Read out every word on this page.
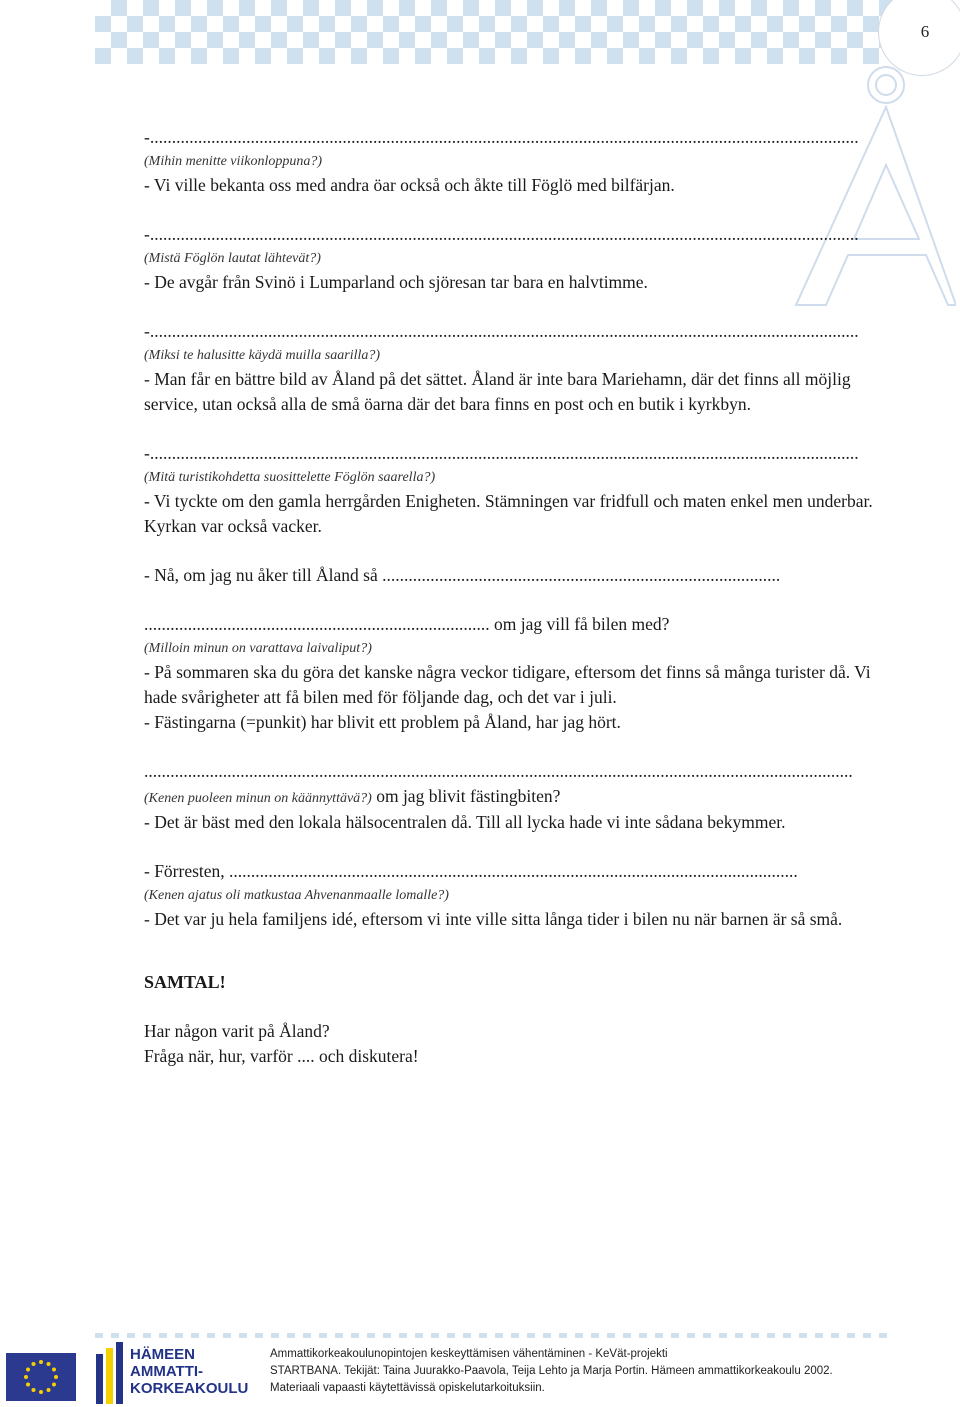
6
-..................................................................................................................................................................
(Mihin menitte viikonloppuna?)
- Vi ville bekanta oss med andra öar också och åkte till Föglö med bilfärjan.
-..................................................................................................................................................................
(Mistä Föglön lautat lähtevät?)
- De avgår från Svinö i Lumparland och sjöresan tar bara en halvtimme.
-..................................................................................................................................................................
(Miksi te halusitte käydä muilla saarilla?)
- Man får en bättre bild av Åland på det sättet. Åland är inte bara Mariehamn, där det finns all möjlig service, utan också alla de små öarna där det bara finns en post och en butik i kyrkbyn.
-..................................................................................................................................................................
(Mitä turistikohdetta suosittelette Föglön saarella?)
- Vi tyckte om den gamla herrgården Enigheten. Stämningen var fridfull och maten enkel men underbar. Kyrkan var också vacker.
- Nå, om jag nu åker till Åland så ...........................................................................................
............................................................................... om jag vill få bilen med?
(Milloin minun on varattava laivaliput?)
- På sommaren ska du göra det kanske några veckor tidigare, eftersom det finns så många turister då. Vi hade svårigheter att få bilen med för följande dag, och det var i juli.
- Fästingarna (=punkit) har blivit ett problem på Åland, har jag hört.
..................................................................................................................................................................
(Kenen puoleen minun on käännyttävä?) om jag blivit fästingbiten?
- Det är bäst med den lokala hälsocentralen då. Till all lycka hade vi inte sådana bekymmer.
- Förresten, ..................................................................................................................................
(Kenen ajatus oli matkustaa Ahvenanmaalle lomalle?)
- Det var ju hela familjens idé, eftersom vi inte ville sitta långa tider i bilen nu när barnen är så små.
SAMTAL!
Har någon varit på Åland?
Fråga när, hur, varför .... och diskutera!
HÄMEEN
AMMATTI-
KORKEAKOULU
Ammattikorkeakoulunopintojen keskeyttämisen vähentäminen - KeVät-projekti
STARTBANA. Tekijät: Taina Juurakko-Paavola, Teija Lehto ja Marja Portin. Hämeen ammattikorkeakoulu 2002.
Materiaali vapaasti käytettävissä opiskelutarkoituksiin.
